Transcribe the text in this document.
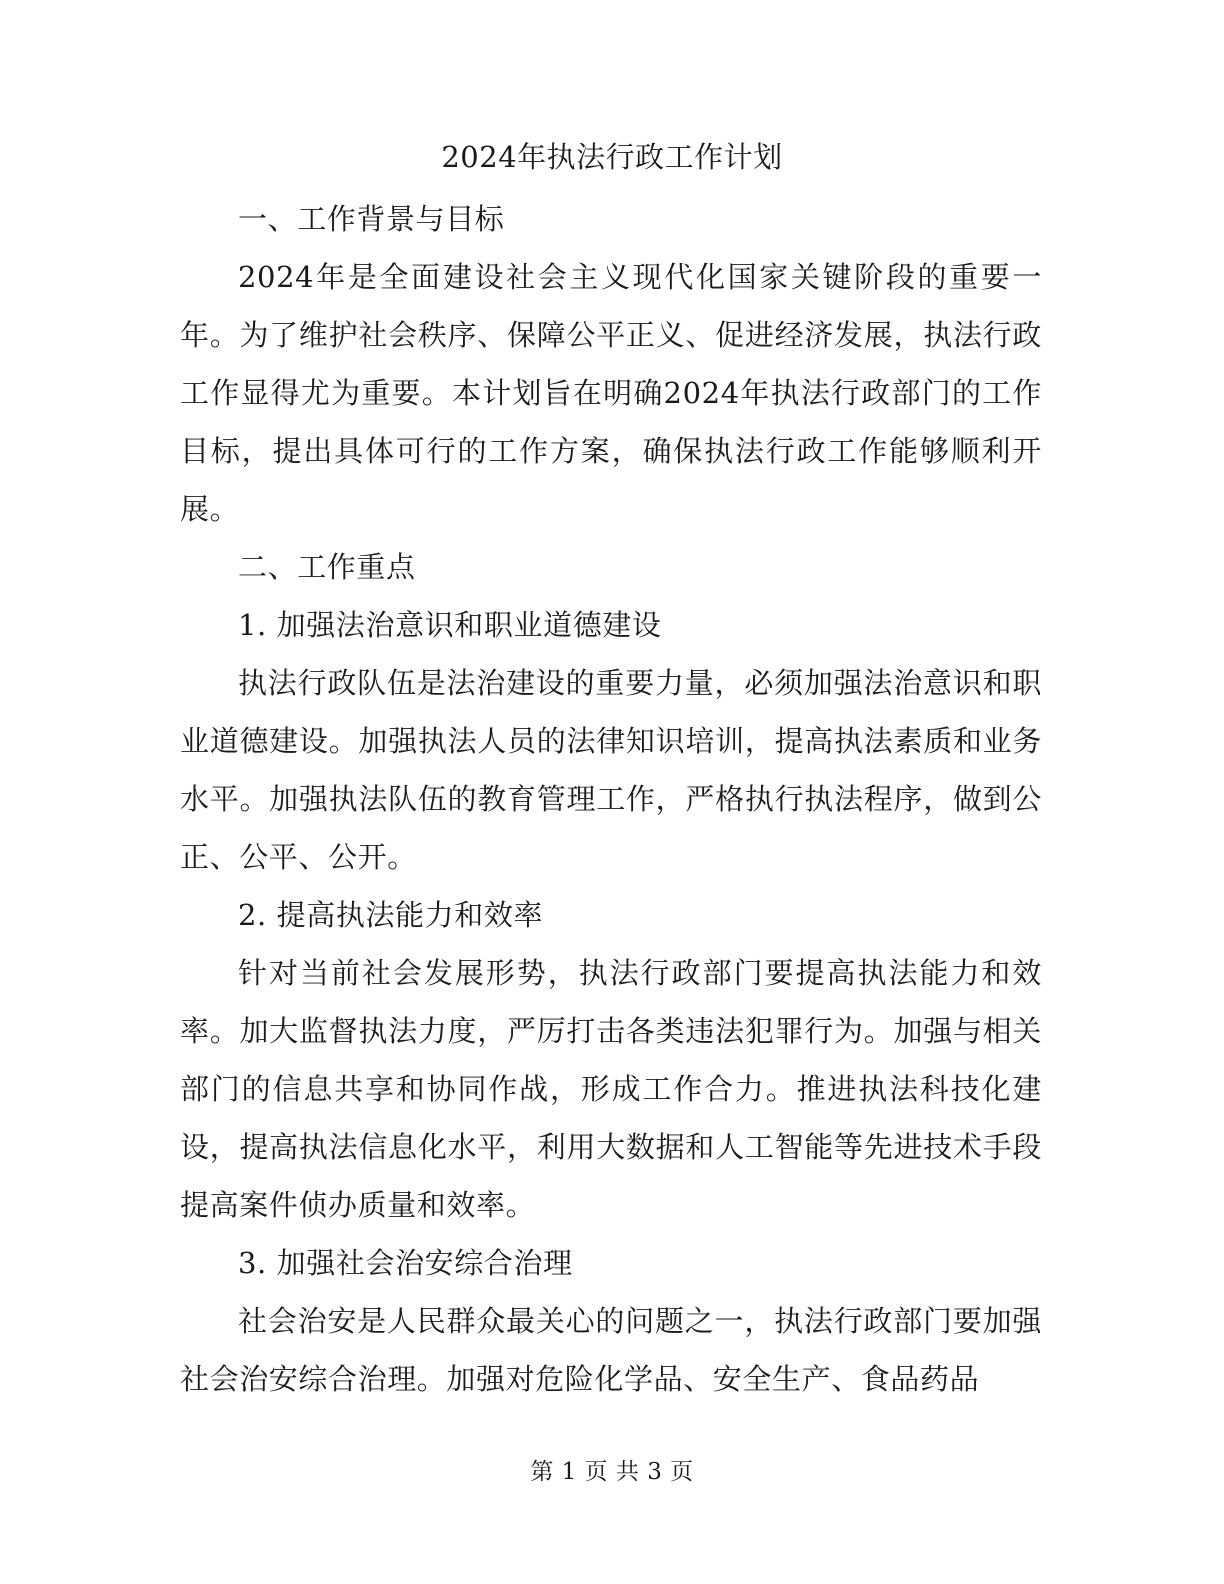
2024年执法行政工作计划

一、工作背景与目标

2024年是全面建设社会主义现代化国家关键阶段的重要一年。为了维护社会秩序、保障公平正义、促进经济发展，执法行政工作显得尤为重要。本计划旨在明确2024年执法行政部门的工作目标，提出具体可行的工作方案，确保执法行政工作能够顺利开展。

二、工作重点

1. 加强法治意识和职业道德建设

执法行政队伍是法治建设的重要力量，必须加强法治意识和职业道德建设。加强执法人员的法律知识培训，提高执法素质和业务水平。加强执法队伍的教育管理工作，严格执行执法程序，做到公正、公平、公开。

2. 提高执法能力和效率

针对当前社会发展形势，执法行政部门要提高执法能力和效率。加大监督执法力度，严厉打击各类违法犯罪行为。加强与相关部门的信息共享和协同作战，形成工作合力。推进执法科技化建设，提高执法信息化水平，利用大数据和人工智能等先进技术手段提高案件侦办质量和效率。

3. 加强社会治安综合治理

社会治安是人民群众最关心的问题之一，执法行政部门要加强社会治安综合治理。加强对危险化学品、安全生产、食品药品

第 1 页 共 3 页
